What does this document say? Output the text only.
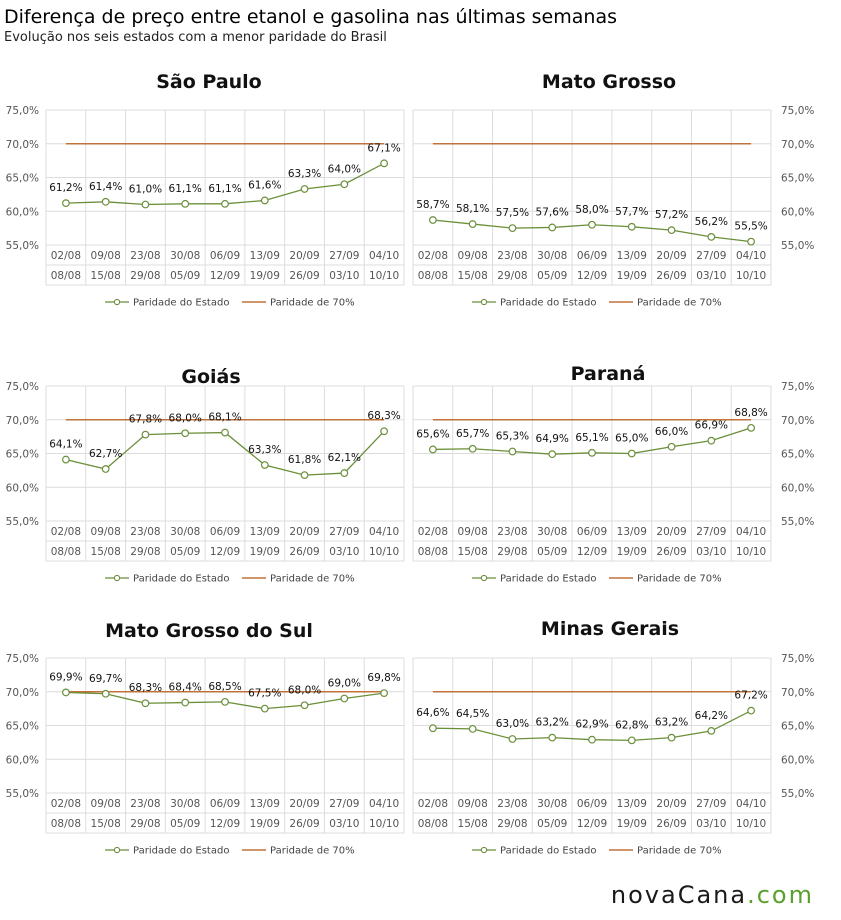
Diferença de preço entre etanol e gasolina nas últimas semanas
Evolução nos seis estados com a menor paridade do Brasil
São Paulo
75,0%
70,0%
65,0%
60,0%
55,0%
02/08 09/08 23/08 30/08 06/09 13/09 20/09 27/09 04/10
08/08 15/08 29/08 05/09 12/09 19/09 26/09 03/10 10/10
61,2% 61,4% 61,0% 61,1% 61,1% 61,6%
63,3% 64,0%
67,1%
Paridade do Estado	Paridade de 70%
Mato Grosso
75,0%
70,0%
65,0%
60,0%
55,0%
02/08 09/08 23/08 30/08 06/09 13/09 20/09 27/09 04/10
08/08 15/08 29/08 05/09 12/09 19/09 26/09 03/10 10/10
58,7% 58,1% 57,5% 57,6% 58,0% 57,7% 57,2%
56,2% 55,5%
Paridade do Estado	Paridade de 70%
Goiás
75,0%
70,0%
65,0%
60,0%
55,0%
02/08 09/08 23/08 30/08 06/09 13/09 20/09 27/09 04/10
08/08 15/08 29/08 05/09 12/09 19/09 26/09 03/10 10/10
64,1%
62,7%
67,8% 68,0% 68,1%
63,3%
61,8% 62,1%
68,3%
Paridade do Estado	Paridade de 70%
Paraná
75,0%
70,0%
65,0%
60,0%
55,0%
02/08 09/08 23/08 30/08 06/09 13/09 20/09 27/09 04/10
08/08 15/08 29/08 05/09 12/09 19/09 26/09 03/10 10/10
65,6% 65,7% 65,3% 64,9% 65,1% 65,0%
66,0%
66,9%
68,8%
Paridade do Estado	Paridade de 70%
Mato Grosso do Sul
75,0%
70,0%
65,0%
60,0%
55,0%
02/08 09/08 23/08 30/08 06/09 13/09 20/09 27/09 04/10
08/08 15/08 29/08 05/09 12/09 19/09 26/09 03/10 10/10
69,9% 69,7%
68,3% 68,4% 68,5%
67,5% 68,0%
69,0% 69,8%
Paridade do Estado	Paridade de 70%
Minas Gerais
75,0%
70,0%
65,0%
60,0%
55,0%
02/08 09/08 23/08 30/08 06/09 13/09 20/09 27/09 04/10
08/08 15/08 29/08 05/09 12/09 19/09 26/09 03/10 10/10
64,6% 64,5%
63,0% 63,2% 62,9% 62,8% 63,2%
64,2%
67,2%
Paridade do Estado	Paridade de 70%
novaCana.com
